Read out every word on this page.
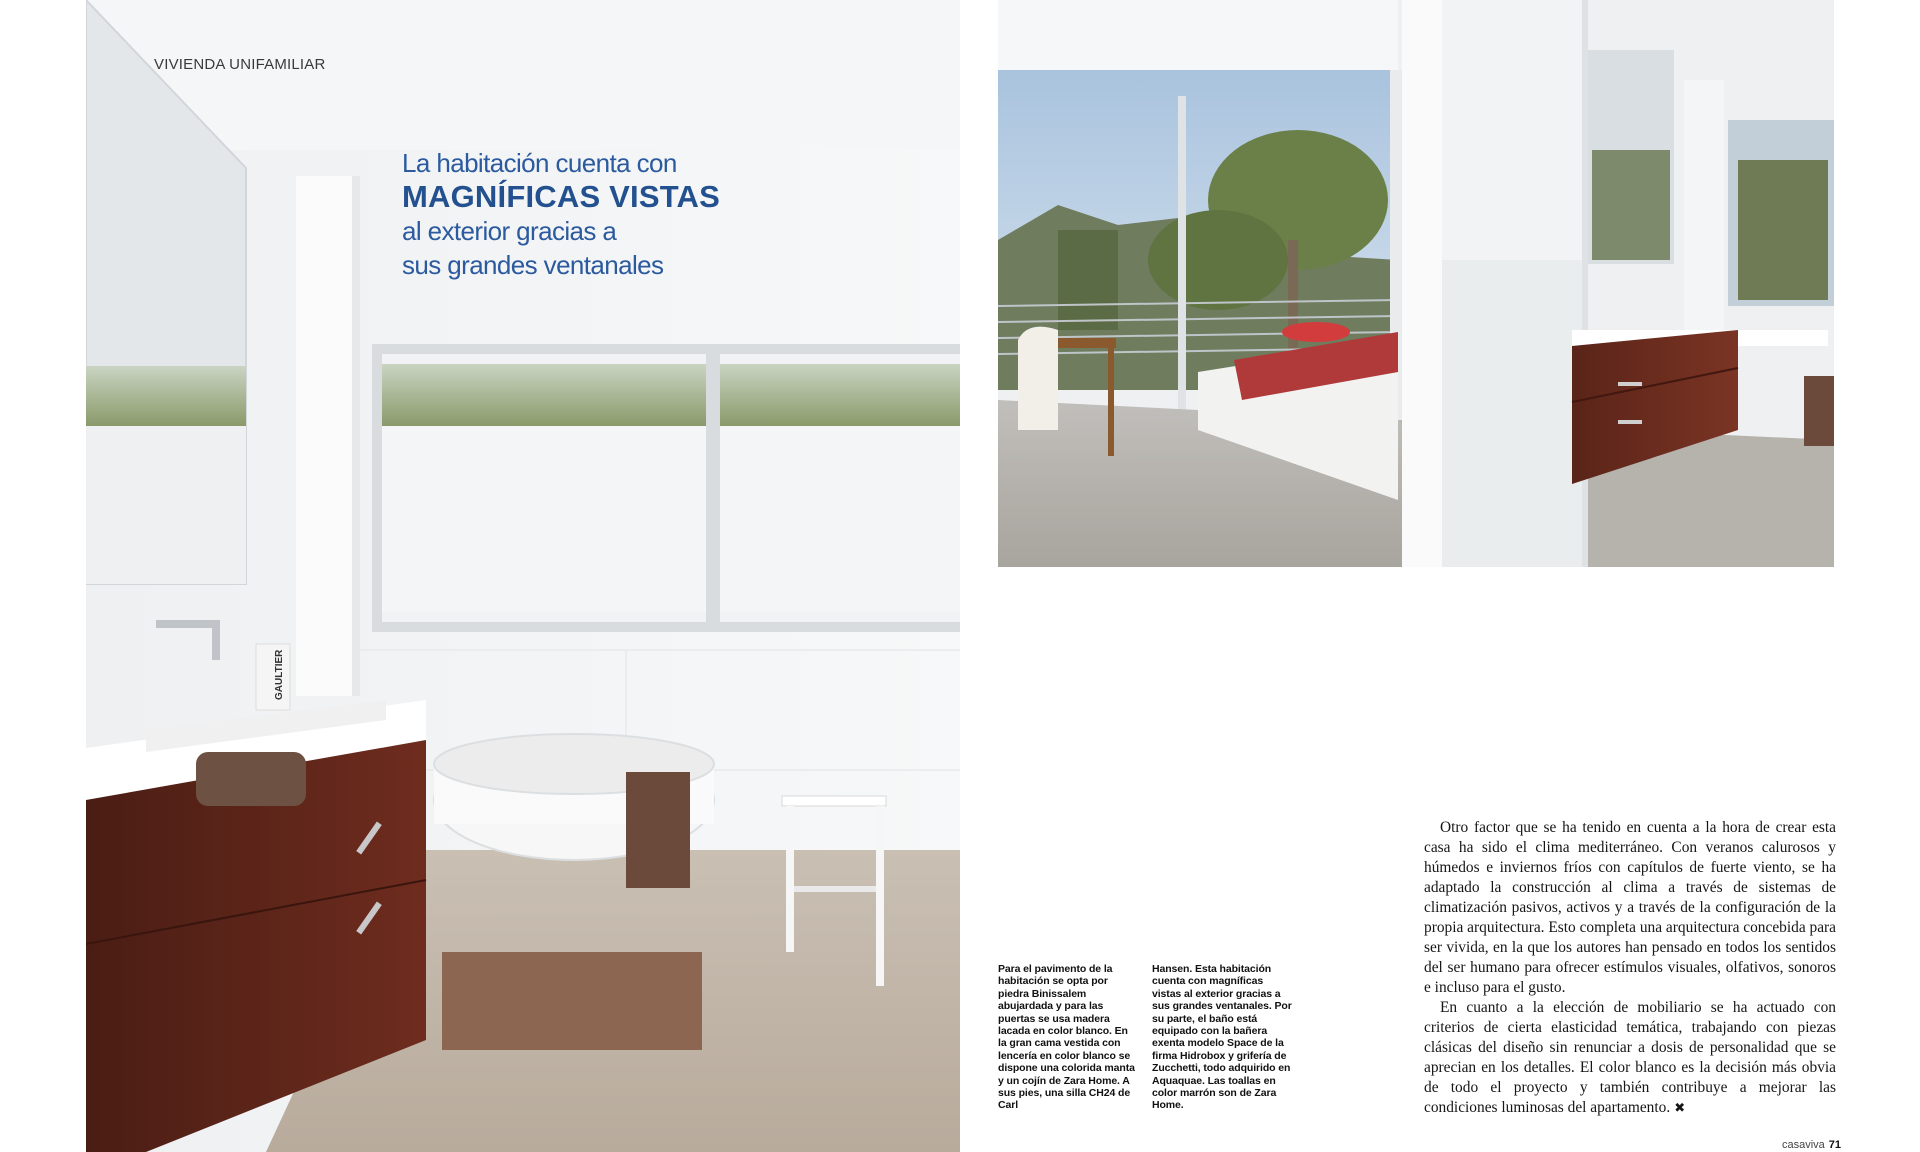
GAULTIER
VIVIENDA UNIFAMILIAR
La habitación cuenta con
MAGNÍFICAS VISTAS
al exterior gracias a
sus grandes ventanales
Para el pavimento de la habitación se opta por piedra Binissalem abujardada y para las puertas se usa madera lacada en color blanco. En la gran cama vestida con lencería en color blanco se dispone una colorida manta y un cojín de Zara Home. A sus pies, una silla CH24 de Carl
Hansen. Esta habitación cuenta con magníficas vistas al exterior gracias a sus grandes ventanales. Por su parte, el baño está equipado con la bañera exenta modelo Space de la firma Hidrobox y grifería de Zucchetti, todo adquirido en Aquaquae. Las toallas en color marrón son de Zara Home.

Otro factor que se ha tenido en cuenta a la hora de crear esta casa ha sido el clima mediterráneo. Con veranos calurosos y húmedos e inviernos fríos con capítulos de fuerte viento, se ha adaptado la construcción al clima a través de sistemas de climatización pasivos, activos y a través de la configuración de la propia arquitectura. Esto completa una arquitectura concebida para ser vivida, en la que los autores han pensado en todos los sentidos del ser humano para ofrecer estímulos visuales, olfativos, sonoros e incluso para el gusto.

En cuanto a la elección de mobiliario se ha actuado con criterios de cierta elasticidad temática, trabajando con piezas clásicas del diseño sin renunciar a dosis de personalidad que se aprecian en los detalles. El color blanco es la decisión más obvia de todo el proyecto y también contribuye a mejorar las condiciones luminosas del apartamento. ✖

casaviva 71
